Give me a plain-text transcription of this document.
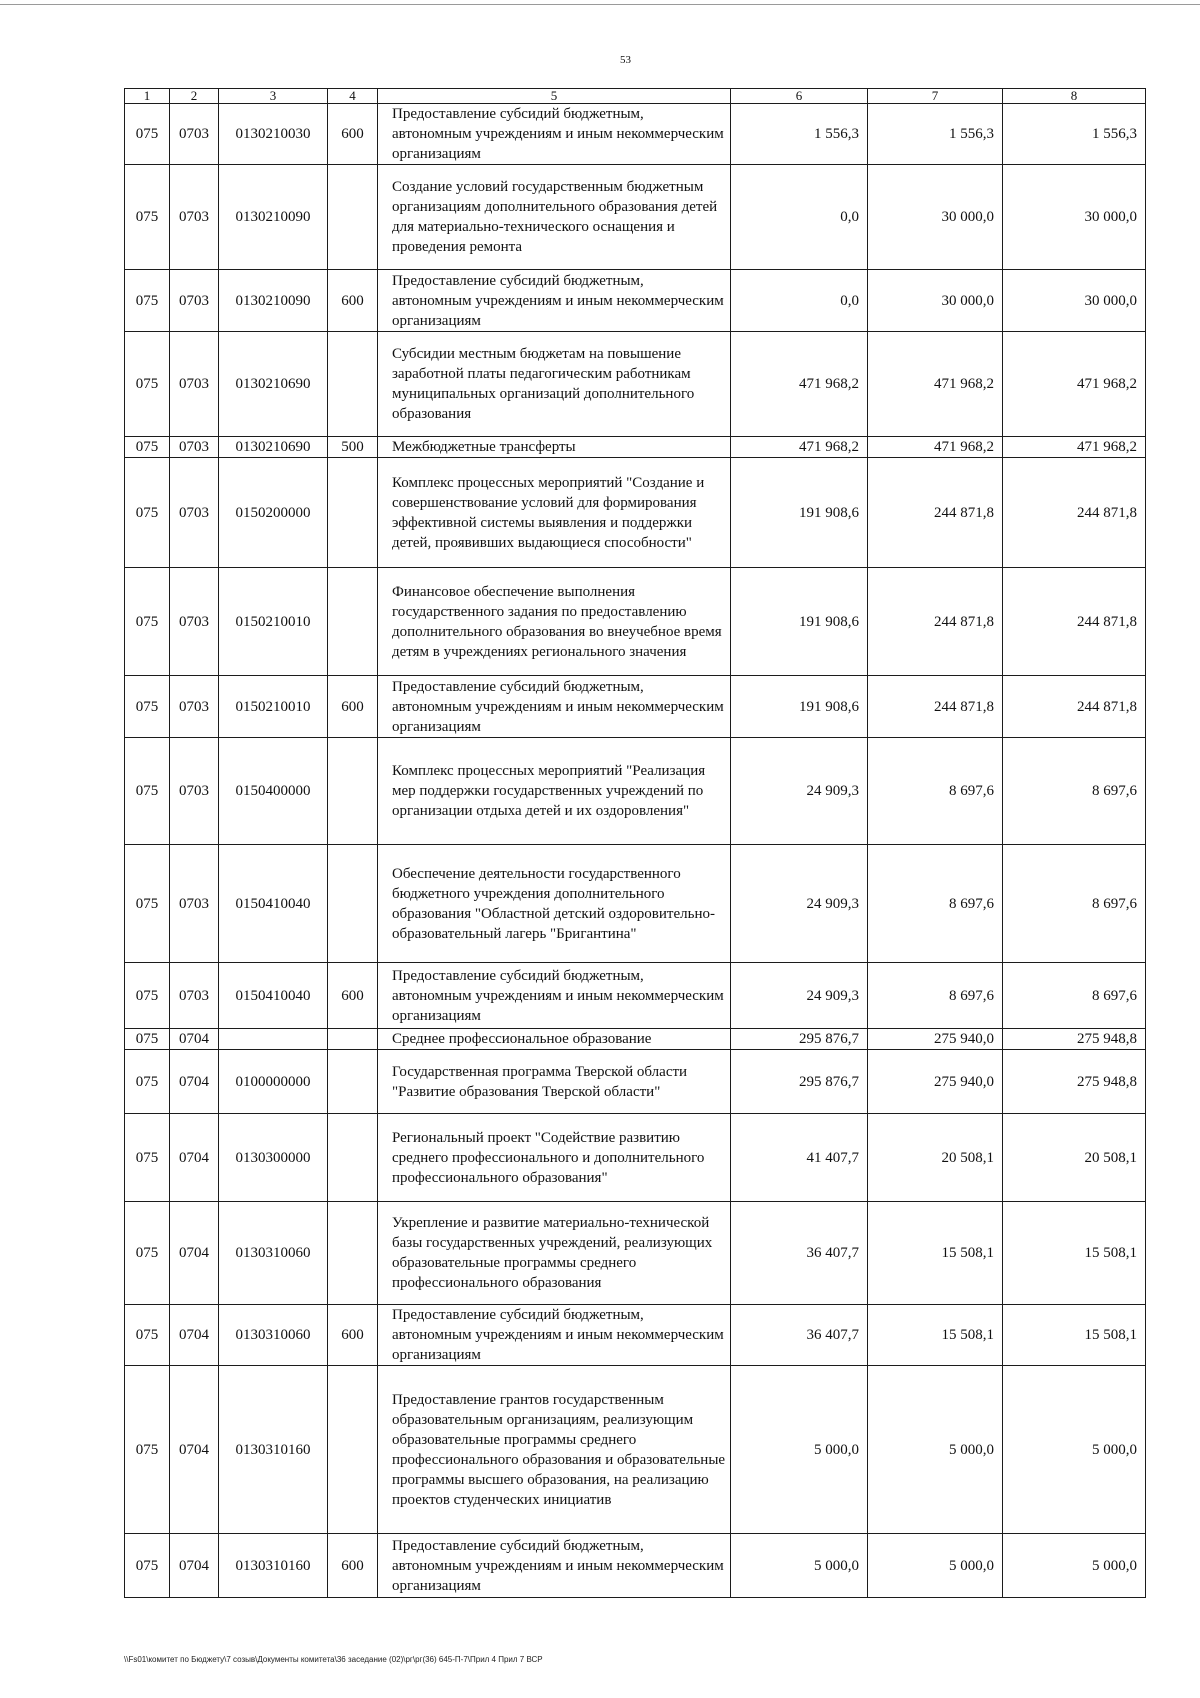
53
1	2	3	4	5	6	7	8
075	0703	0130210030	600	Предоставление субсидий бюджетным, автономным учреждениям и иным некоммерческим организациям	1 556,3	1 556,3	1 556,3
075	0703	0130210090		Создание условий государственным бюджетным организациям дополнительного образования детей для материально-технического оснащения и проведения ремонта	0,0	30 000,0	30 000,0
075	0703	0130210090	600	Предоставление субсидий бюджетным, автономным учреждениям и иным некоммерческим организациям	0,0	30 000,0	30 000,0
075	0703	0130210690		Субсидии местным бюджетам на повышение заработной платы педагогическим работникам муниципальных организаций дополнительного образования	471 968,2	471 968,2	471 968,2
075	0703	0130210690	500	Межбюджетные трансферты	471 968,2	471 968,2	471 968,2
075	0703	0150200000		Комплекс процессных мероприятий "Создание и совершенствование условий для формирования эффективной системы выявления и поддержки детей, проявивших выдающиеся способности"	191 908,6	244 871,8	244 871,8
075	0703	0150210010		Финансовое обеспечение выполнения государственного задания по предоставлению дополнительного образования во внеучебное время детям в учреждениях регионального значения	191 908,6	244 871,8	244 871,8
075	0703	0150210010	600	Предоставление субсидий бюджетным, автономным учреждениям и иным некоммерческим организациям	191 908,6	244 871,8	244 871,8
075	0703	0150400000		Комплекс процессных мероприятий "Реализация мер поддержки государственных учреждений по организации отдыха детей и их оздоровления"	24 909,3	8 697,6	8 697,6
075	0703	0150410040		Обеспечение деятельности государственного бюджетного учреждения дополнительного образования "Областной детский оздоровительно-образовательный лагерь "Бригантина"	24 909,3	8 697,6	8 697,6
075	0703	0150410040	600	Предоставление субсидий бюджетным, автономным учреждениям и иным некоммерческим организациям	24 909,3	8 697,6	8 697,6
075	0704			Среднее профессиональное образование	295 876,7	275 940,0	275 948,8
075	0704	0100000000		Государственная программа Тверской области "Развитие образования Тверской области"	295 876,7	275 940,0	275 948,8
075	0704	0130300000		Региональный проект "Содействие развитию среднего профессионального и дополнительного профессионального образования"	41 407,7	20 508,1	20 508,1
075	0704	0130310060		Укрепление и развитие материально-технической базы государственных учреждений, реализующих образовательные программы среднего профессионального образования	36 407,7	15 508,1	15 508,1
075	0704	0130310060	600	Предоставление субсидий бюджетным, автономным учреждениям и иным некоммерческим организациям	36 407,7	15 508,1	15 508,1
075	0704	0130310160		Предоставление грантов государственным образовательным организациям, реализующим образовательные программы среднего профессионального образования и образовательные программы высшего образования, на реализацию проектов студенческих инициатив	5 000,0	5 000,0	5 000,0
075	0704	0130310160	600	Предоставление субсидий бюджетным, автономным учреждениям и иным некоммерческим организациям	5 000,0	5 000,0	5 000,0
\\Fs01\комитет по Бюджету\7 созыв\Документы комитета\36 заседание (02)\рг\рг(36) 645-П-7\Прил 4 Прил 7 ВСР
